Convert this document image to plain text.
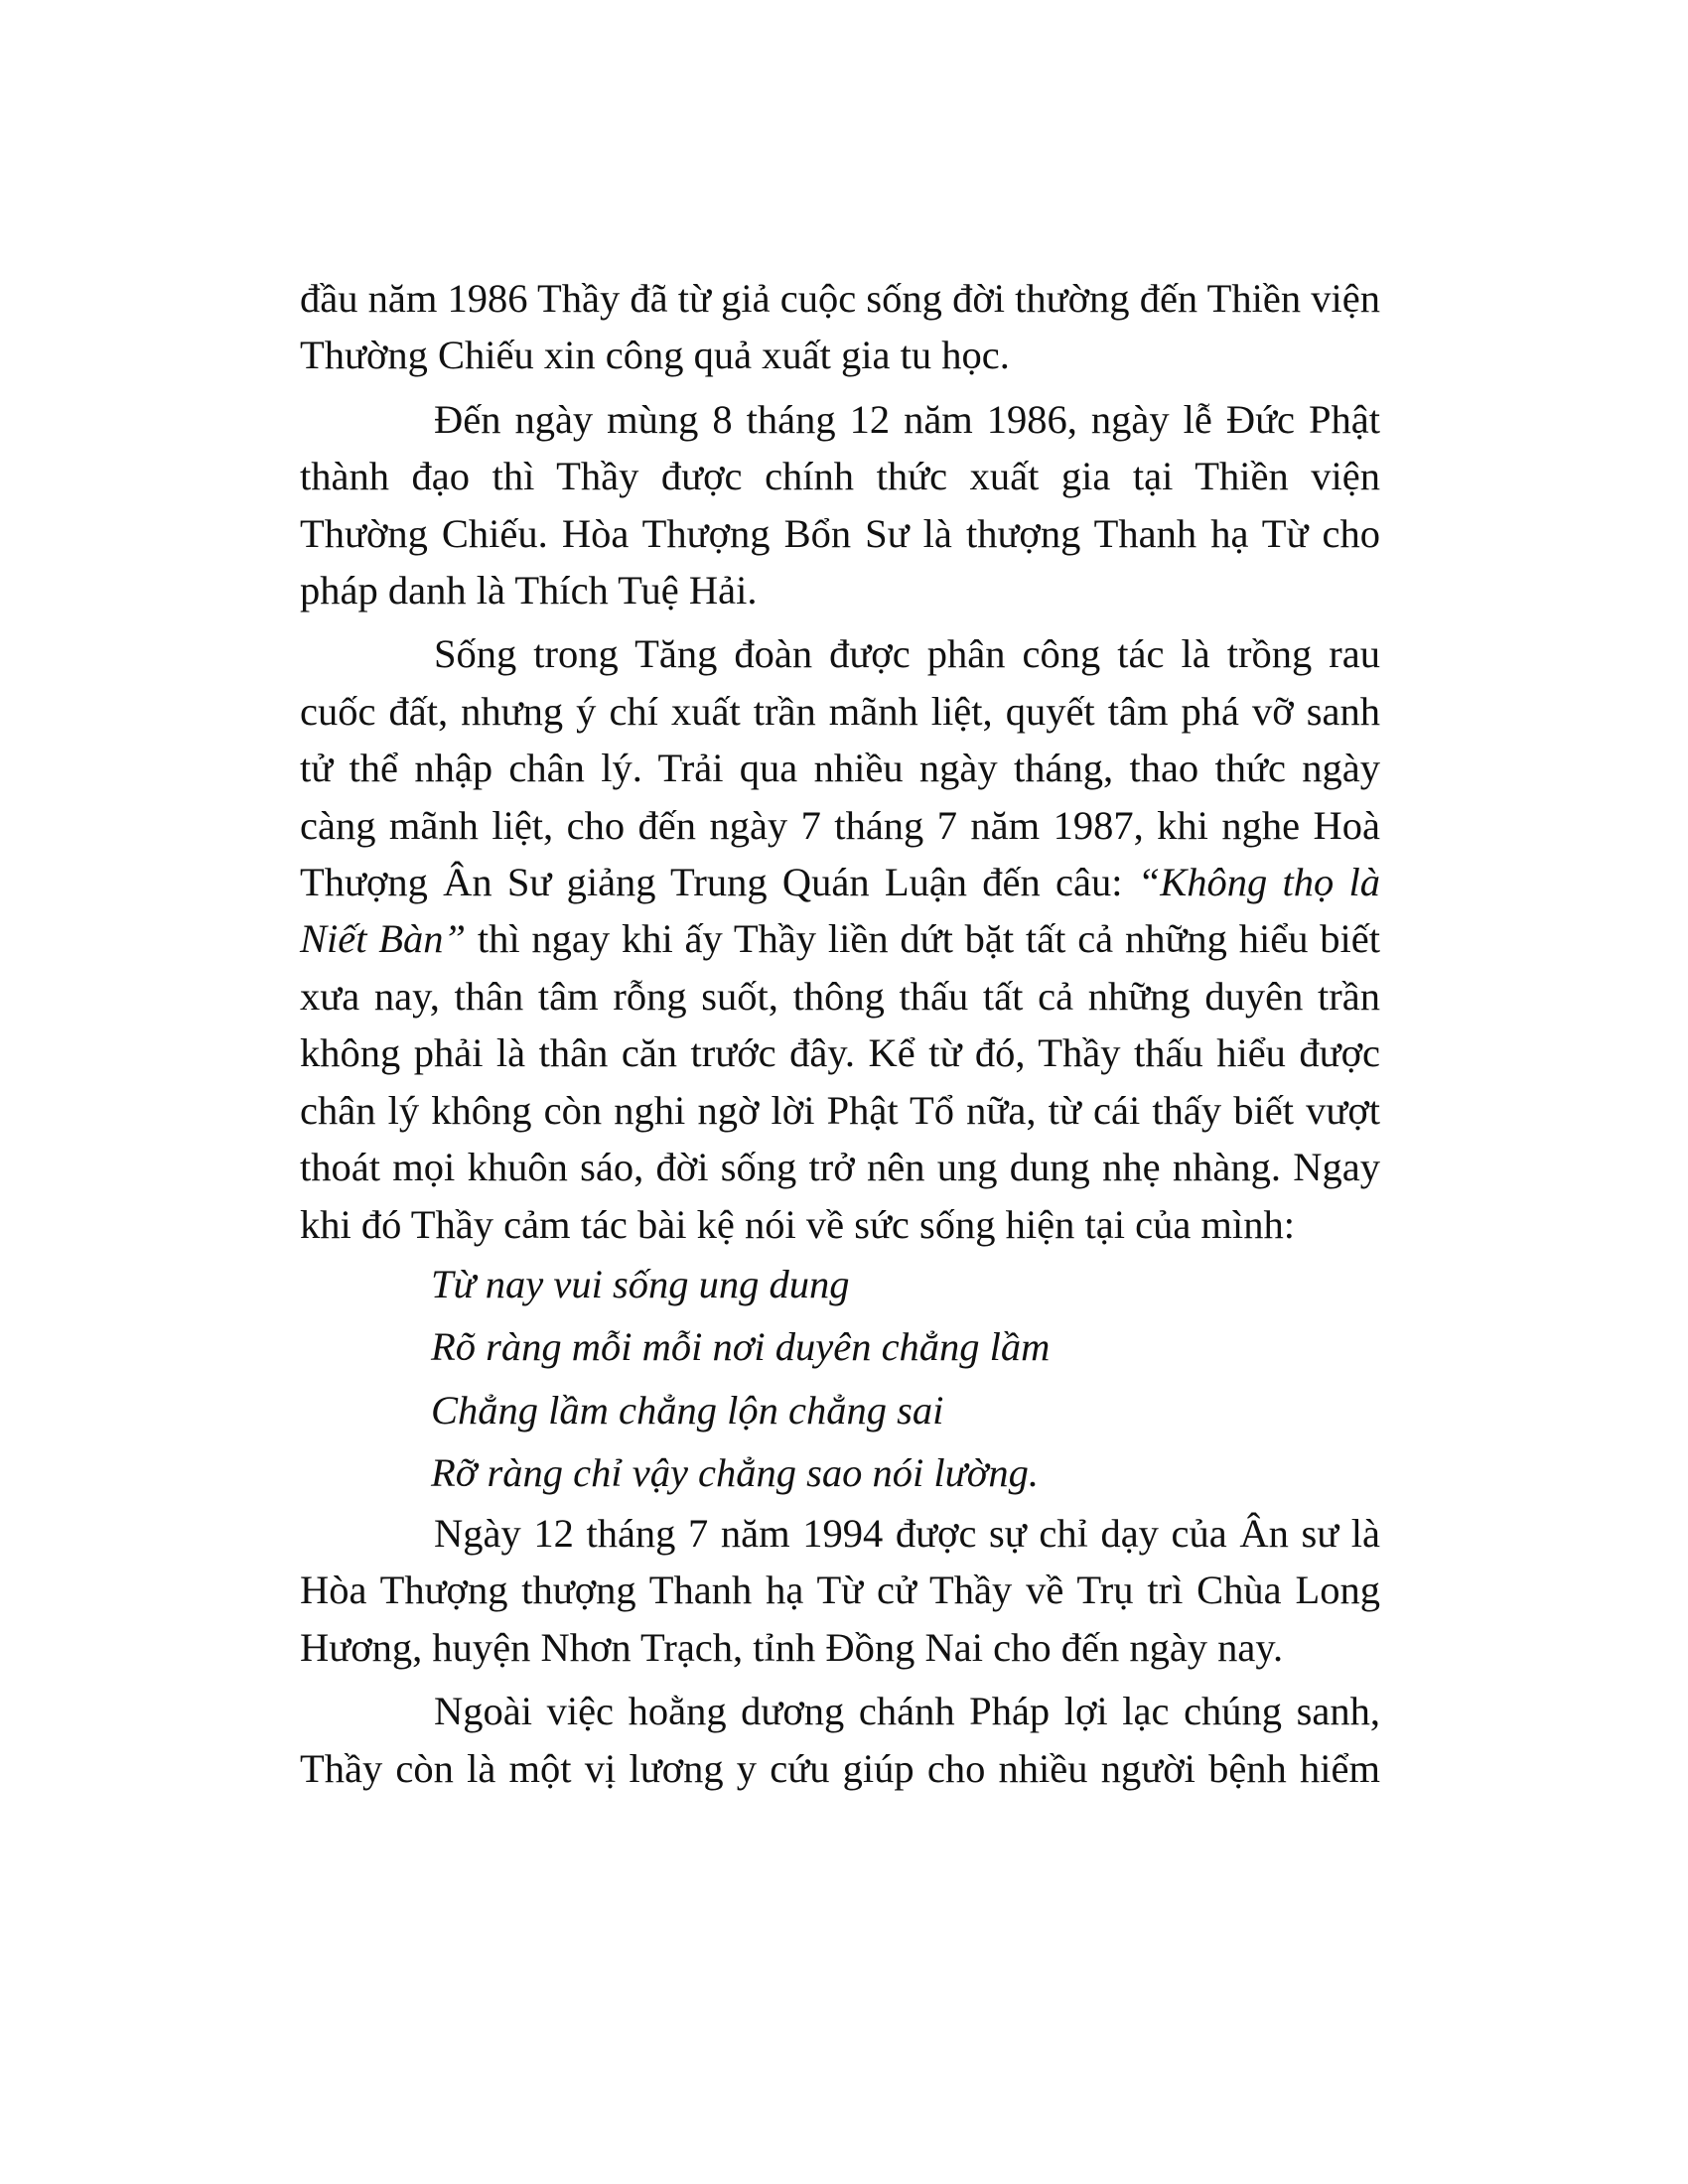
đầu năm 1986 Thầy đã từ giả cuộc sống đời thường đến Thiền viện Thường Chiếu xin công quả xuất gia tu học.

Đến ngày mùng 8 tháng 12 năm 1986, ngày lễ Đức Phật thành đạo thì Thầy được chính thức xuất gia tại Thiền viện Thường Chiếu. Hòa Thượng Bổn Sư là thượng Thanh hạ Từ cho pháp danh là Thích Tuệ Hải.

Sống trong Tăng đoàn được phân công tác là trồng rau cuốc đất, nhưng ý chí xuất trần mãnh liệt, quyết tâm phá vỡ sanh tử thể nhập chân lý. Trải qua nhiều ngày tháng, thao thức ngày càng mãnh liệt, cho đến ngày 7 tháng 7 năm 1987, khi nghe Hoà Thượng Ân Sư giảng Trung Quán Luận đến câu: “Không thọ là Niết Bàn” thì ngay khi ấy Thầy liền dứt bặt tất cả những hiểu biết xưa nay, thân tâm rỗng suốt, thông thấu tất cả những duyên trần không phải là thân căn trước đây. Kể từ đó, Thầy thấu hiểu được chân lý không còn nghi ngờ lời Phật Tổ nữa, từ cái thấy biết vượt thoát mọi khuôn sáo, đời sống trở nên ung dung nhẹ nhàng. Ngay khi đó Thầy cảm tác bài kệ nói về sức sống hiện tại của mình:

Từ nay vui sống ung dung
Rõ ràng mỗi mỗi nơi duyên chẳng lầm
Chẳng lầm chẳng lộn chẳng sai
Rỡ ràng chỉ vậy chẳng sao nói lường.

Ngày 12 tháng 7 năm 1994 được sự chỉ dạy của Ân sư là Hòa Thượng thượng Thanh hạ Từ cử Thầy về Trụ trì Chùa Long Hương, huyện Nhơn Trạch, tỉnh Đồng Nai cho đến ngày nay.

Ngoài việc hoằng dương chánh Pháp lợi lạc chúng sanh, Thầy còn là một vị lương y cứu giúp cho nhiều người bệnh hiểm
